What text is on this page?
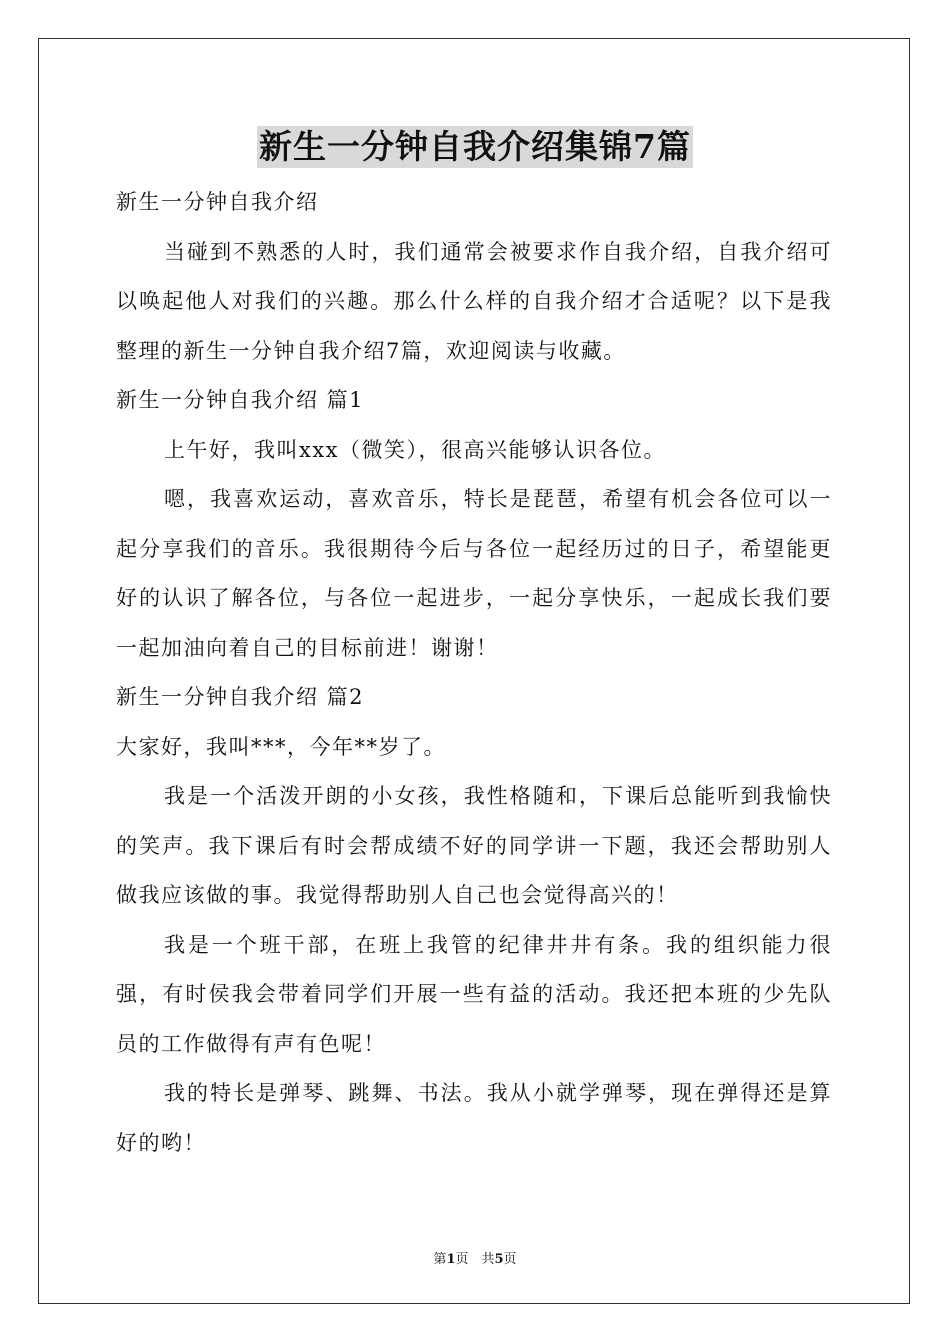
新生一分钟自我介绍集锦7篇

新生一分钟自我介绍

当碰到不熟悉的人时，我们通常会被要求作自我介绍，自我介绍可以唤起他人对我们的兴趣。那么什么样的自我介绍才合适呢？以下是我整理的新生一分钟自我介绍7篇，欢迎阅读与收藏。

新生一分钟自我介绍 篇1

上午好，我叫xxx（微笑），很高兴能够认识各位。

嗯，我喜欢运动，喜欢音乐，特长是琵琶，希望有机会各位可以一起分享我们的音乐。我很期待今后与各位一起经历过的日子，希望能更好的认识了解各位，与各位一起进步，一起分享快乐，一起成长我们要一起加油向着自己的目标前进！谢谢！

新生一分钟自我介绍 篇2

大家好，我叫***，今年**岁了。

我是一个活泼开朗的小女孩，我性格随和，下课后总能听到我愉快的笑声。我下课后有时会帮成绩不好的同学讲一下题，我还会帮助别人做我应该做的事。我觉得帮助别人自己也会觉得高兴的！

我是一个班干部，在班上我管的纪律井井有条。我的组织能力很强，有时侯我会带着同学们开展一些有益的活动。我还把本班的少先队员的工作做得有声有色呢！

我的特长是弹琴、跳舞、书法。我从小就学弹琴，现在弹得还是算好的哟！

第1页　共5页
